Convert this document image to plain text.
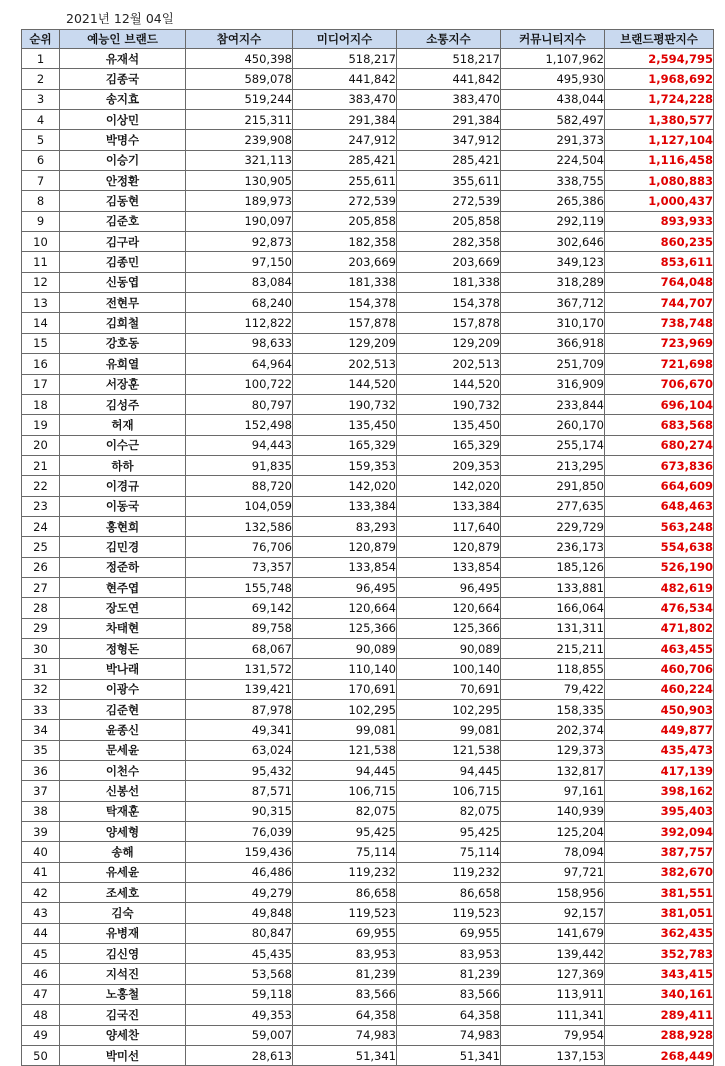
2021년 12월 04일
순위	예능인 브랜드	참여지수	미디어지수	소통지수	커뮤니티지수	브랜드평판지수
1	유재석	450,398	518,217	518,217	1,107,962	2,594,795
2	김종국	589,078	441,842	441,842	495,930	1,968,692
3	송지효	519,244	383,470	383,470	438,044	1,724,228
4	이상민	215,311	291,384	291,384	582,497	1,380,577
5	박명수	239,908	247,912	347,912	291,373	1,127,104
6	이승기	321,113	285,421	285,421	224,504	1,116,458
7	안정환	130,905	255,611	355,611	338,755	1,080,883
8	김동현	189,973	272,539	272,539	265,386	1,000,437
9	김준호	190,097	205,858	205,858	292,119	893,933
10	김구라	92,873	182,358	282,358	302,646	860,235
11	김종민	97,150	203,669	203,669	349,123	853,611
12	신동엽	83,084	181,338	181,338	318,289	764,048
13	전현무	68,240	154,378	154,378	367,712	744,707
14	김희철	112,822	157,878	157,878	310,170	738,748
15	강호동	98,633	129,209	129,209	366,918	723,969
16	유희열	64,964	202,513	202,513	251,709	721,698
17	서장훈	100,722	144,520	144,520	316,909	706,670
18	김성주	80,797	190,732	190,732	233,844	696,104
19	허재	152,498	135,450	135,450	260,170	683,568
20	이수근	94,443	165,329	165,329	255,174	680,274
21	하하	91,835	159,353	209,353	213,295	673,836
22	이경규	88,720	142,020	142,020	291,850	664,609
23	이동국	104,059	133,384	133,384	277,635	648,463
24	홍현희	132,586	83,293	117,640	229,729	563,248
25	김민경	76,706	120,879	120,879	236,173	554,638
26	정준하	73,357	133,854	133,854	185,126	526,190
27	현주엽	155,748	96,495	96,495	133,881	482,619
28	장도연	69,142	120,664	120,664	166,064	476,534
29	차태현	89,758	125,366	125,366	131,311	471,802
30	정형돈	68,067	90,089	90,089	215,211	463,455
31	박나래	131,572	110,140	100,140	118,855	460,706
32	이광수	139,421	170,691	70,691	79,422	460,224
33	김준현	87,978	102,295	102,295	158,335	450,903
34	윤종신	49,341	99,081	99,081	202,374	449,877
35	문세윤	63,024	121,538	121,538	129,373	435,473
36	이천수	95,432	94,445	94,445	132,817	417,139
37	신봉선	87,571	106,715	106,715	97,161	398,162
38	탁재훈	90,315	82,075	82,075	140,939	395,403
39	양세형	76,039	95,425	95,425	125,204	392,094
40	송해	159,436	75,114	75,114	78,094	387,757
41	유세윤	46,486	119,232	119,232	97,721	382,670
42	조세호	49,279	86,658	86,658	158,956	381,551
43	김숙	49,848	119,523	119,523	92,157	381,051
44	유병재	80,847	69,955	69,955	141,679	362,435
45	김신영	45,435	83,953	83,953	139,442	352,783
46	지석진	53,568	81,239	81,239	127,369	343,415
47	노홍철	59,118	83,566	83,566	113,911	340,161
48	김국진	49,353	64,358	64,358	111,341	289,411
49	양세찬	59,007	74,983	74,983	79,954	288,928
50	박미선	28,613	51,341	51,341	137,153	268,449
